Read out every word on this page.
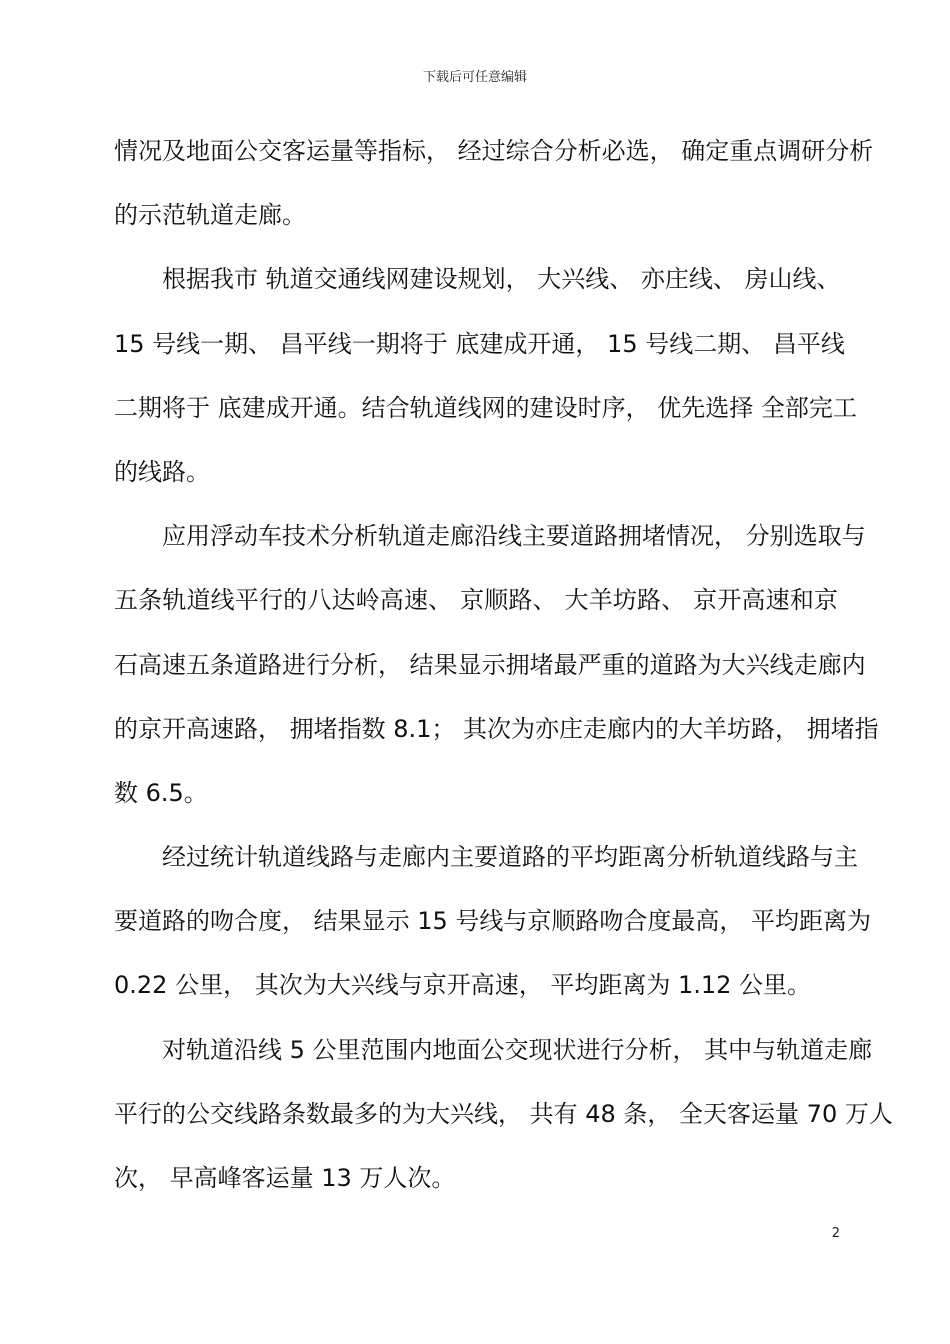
下载后可任意编辑
情况及地面公交客运量等指标， 经过综合分析必选， 确定重点调研分析
的示范轨道走廊。
根据我市 轨道交通线网建设规划， 大兴线、 亦庄线、 房山线、
15 号线一期、 昌平线一期将于 底建成开通， 15 号线二期、 昌平线
二期将于 底建成开通。结合轨道线网的建设时序， 优先选择 全部完工
的线路。
应用浮动车技术分析轨道走廊沿线主要道路拥堵情况， 分别选取与
五条轨道线平行的八达岭高速、 京顺路、 大羊坊路、 京开高速和京
石高速五条道路进行分析， 结果显示拥堵最严重的道路为大兴线走廊内
的京开高速路， 拥堵指数 8.1； 其次为亦庄走廊内的大羊坊路， 拥堵指
数 6.5。
经过统计轨道线路与走廊内主要道路的平均距离分析轨道线路与主
要道路的吻合度， 结果显示 15 号线与京顺路吻合度最高， 平均距离为
0.22 公里， 其次为大兴线与京开高速， 平均距离为 1.12 公里。
对轨道沿线 5 公里范围内地面公交现状进行分析， 其中与轨道走廊
平行的公交线路条数最多的为大兴线， 共有 48 条， 全天客运量 70 万人
次， 早高峰客运量 13 万人次。
2
